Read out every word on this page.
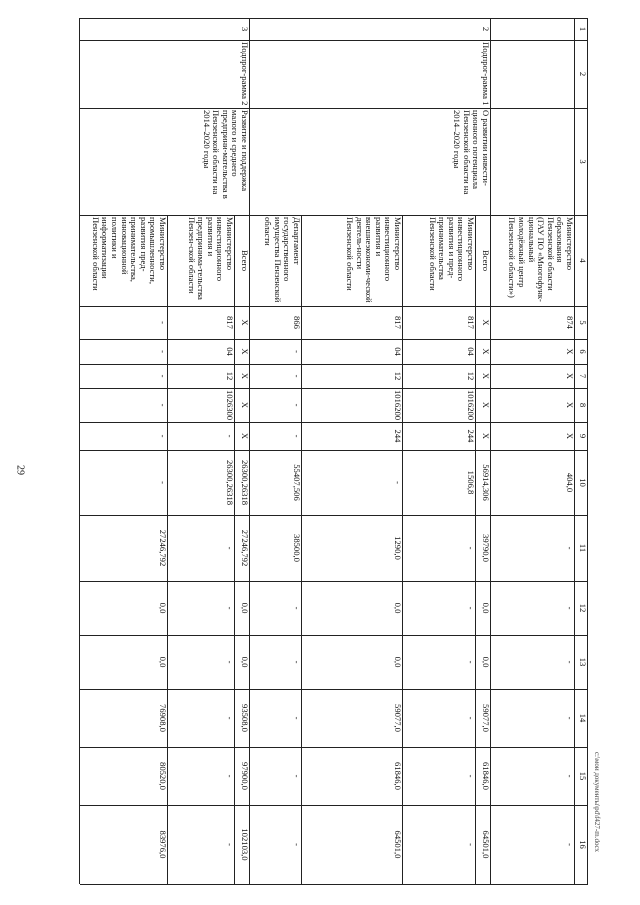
29
c:\мои документы\pd\f427-m.docx
1
2
3
4
5
6
7
8
9
10
11
12
13
14
15
16
2
Подпрог-рамма 1
О развитии инвести-ционного потенциала Пензенской области на 2014–2020 годы
3
Подпрог-рамма 2
Развитие и поддержка малого и среднего предприни-мательства в Пензенской области на 2014–2020 годы
Министерство образования Пензенской области (ГАУ ПО «Многофунк-циональный молодёжный центр Пензенской области»)
874
Х
Х
Х
Х
404,0
-
-
-
-
-
-
Всего
Х
Х
Х
Х
Х
56914,306
39790,0
0,0
0,0
59077,0
61846,0
64501,0
Министерство инвестиционного развития и пред-принимательства Пензенской области
817
04
12
1016200
244
1506,8
-
-
-
-
-
-
Министерство инвестиционного развития и внешнеэкономи-ческой деятель-ности Пензенской области
817
04
12
1016200
244
-
1290,0
0,0
0,0
59077,0
61846,0
64501,0
Департамент государственного имущества Пензенской области
866
-
-
-
-
55407,506
38500,0
-
-
-
-
-
Всего
Х
Х
Х
Х
Х
26300,26318
27246,792
0,0
0,0
93508,0
97900,0
102103,0
Министерство инвестиционного развития и предпринима-тельства Пензен-ской области
817
04
12
1026300
-
26300,26318
-
-
-
-
-
-
Министерство промышленности, развития пред-принимательства, инновационной политики и информатизации Пензенской области
-
-
-
-
-
-
27246,792
0,0
0,0
76908,0
80520,0
83976,0
